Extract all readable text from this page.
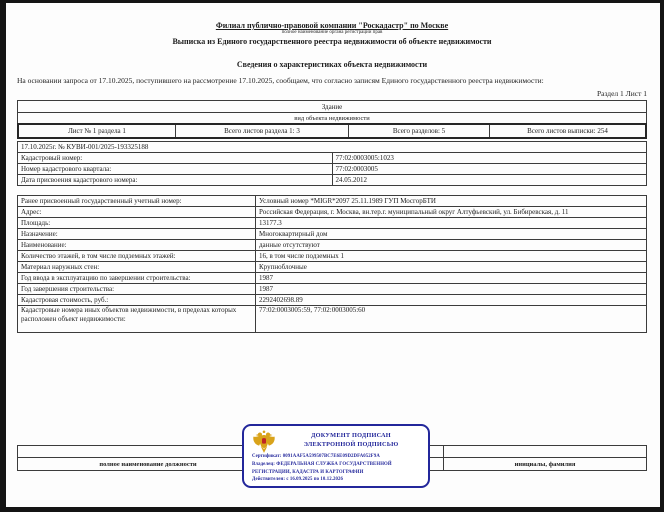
Филиал публично-правовой компании "Роскадастр" по Москве
полное наименование органа регистрации прав
Выписка из Единого государственного реестра недвижимости об объекте недвижимости
Сведения о характеристиках объекта недвижимости
На основании запроса от 17.10.2025, поступившего на рассмотрение 17.10.2025, сообщаем, что согласно записям Единого государственного реестра недвижимости:
Раздел 1 Лист 1
Здание
вид объекта недвижимости
Лист № 1 раздела 1	Всего листов раздела 1: 3	Всего разделов: 5	Всего листов выписки: 254
17.10.2025г. № КУВИ-001/2025-193325188	
Кадастровый номер:	77:02:0003005:1023
Номер кадастрового квартала:	77:02:0003005
Дата присвоения кадастрового номера:	24.05.2012
Ранее присвоенный государственный учетный номер:	Условный номер *MIGR*2097 25.11.1989 ГУП МосгорБТИ
Адрес:	Российская Федерация, г. Москва, вн.тер.г. муниципальный округ Алтуфьевский, ул. Бибиревская, д. 11
Площадь:	13177.3
Назначение:	Многоквартирный дом
Наименование:	данные отсутствуют
Количество этажей, в том числе подземных этажей:	16, в том числе подземных 1
Материал наружных стен:	Крупноблочные
Год ввода в эксплуатацию по завершении строительства:	1987
Год завершения строительства:	1987
Кадастровая стоимость, руб.:	2292402698.89
Кадастровые номера иных объектов недвижимости, в пределах которых расположен объект недвижимости:	77:02:0003005:59, 77:02:0003005:60

полное наименование должности		инициалы, фамилия
ДОКУМЕНТ ПОДПИСАН
ЭЛЕКТРОННОЙ ПОДПИСЬЮ
Сертификат: 0091AAF5A599507BC7E6E09D2DFA052F9A
Владелец: ФЕДЕРАЛЬНАЯ СЛУЖБА ГОСУДАРСТВЕННОЙ
РЕГИСТРАЦИИ, КАДАСТРА И КАРТОГРАФИИ
Действителен: с 16.09.2025 по 10.12.2026
